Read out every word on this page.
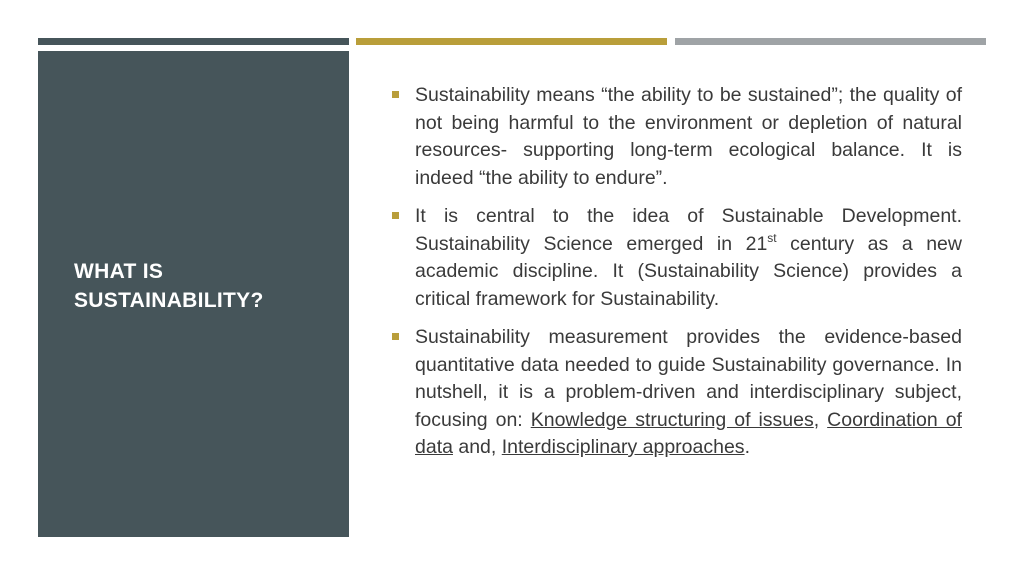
WHAT IS
SUSTAINABILITY?

Sustainability means “the ability to be sustained”; the quality of not being harmful to the environment or depletion of natural resources- supporting long-term ecological balance. It is indeed “the ability to endure”.

It is central to the idea of Sustainable Development. Sustainability Science emerged in 21st century as a new academic discipline. It (Sustainability Science) provides a critical framework for Sustainability.

Sustainability measurement provides the evidence-based quantitative data needed to guide Sustainability governance. In nutshell, it is a problem-driven and interdisciplinary subject, focusing on: Knowledge structuring of issues, Coordination of data and, Interdisciplinary approaches.
